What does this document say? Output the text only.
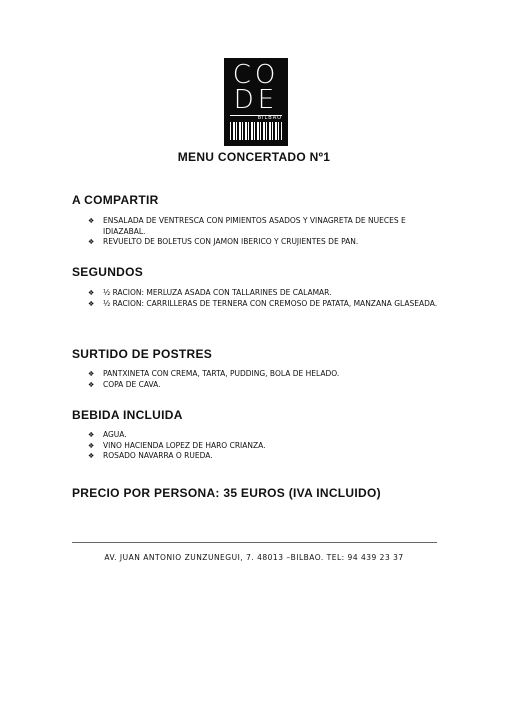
CO
DE
BILBAO
MENU CONCERTADO Nº1
A COMPARTIR
❖ ENSALADA DE VENTRESCA CON PIMIENTOS ASADOS Y VINAGRETA DE NUECES E IDIAZABAL.
❖ REVUELTO DE BOLETUS CON JAMON IBERICO Y CRUJIENTES DE PAN.
SEGUNDOS
❖ ½ RACION: MERLUZA ASADA CON TALLARINES DE CALAMAR.
❖ ½ RACION: CARRILLERAS DE TERNERA CON CREMOSO DE PATATA, MANZANA GLASEADA.
SURTIDO DE POSTRES
❖ PANTXINETA CON CREMA, TARTA, PUDDING, BOLA DE HELADO.
❖ COPA DE CAVA.
BEBIDA INCLUIDA
❖ AGUA.
❖ VINO HACIENDA LOPEZ DE HARO CRIANZA.
❖ ROSADO NAVARRA O RUEDA.
PRECIO POR PERSONA: 35 EUROS (IVA INCLUIDO)
AV. JUAN ANTONIO ZUNZUNEGUI, 7. 48013 –BILBAO. TEL: 94 439 23 37
